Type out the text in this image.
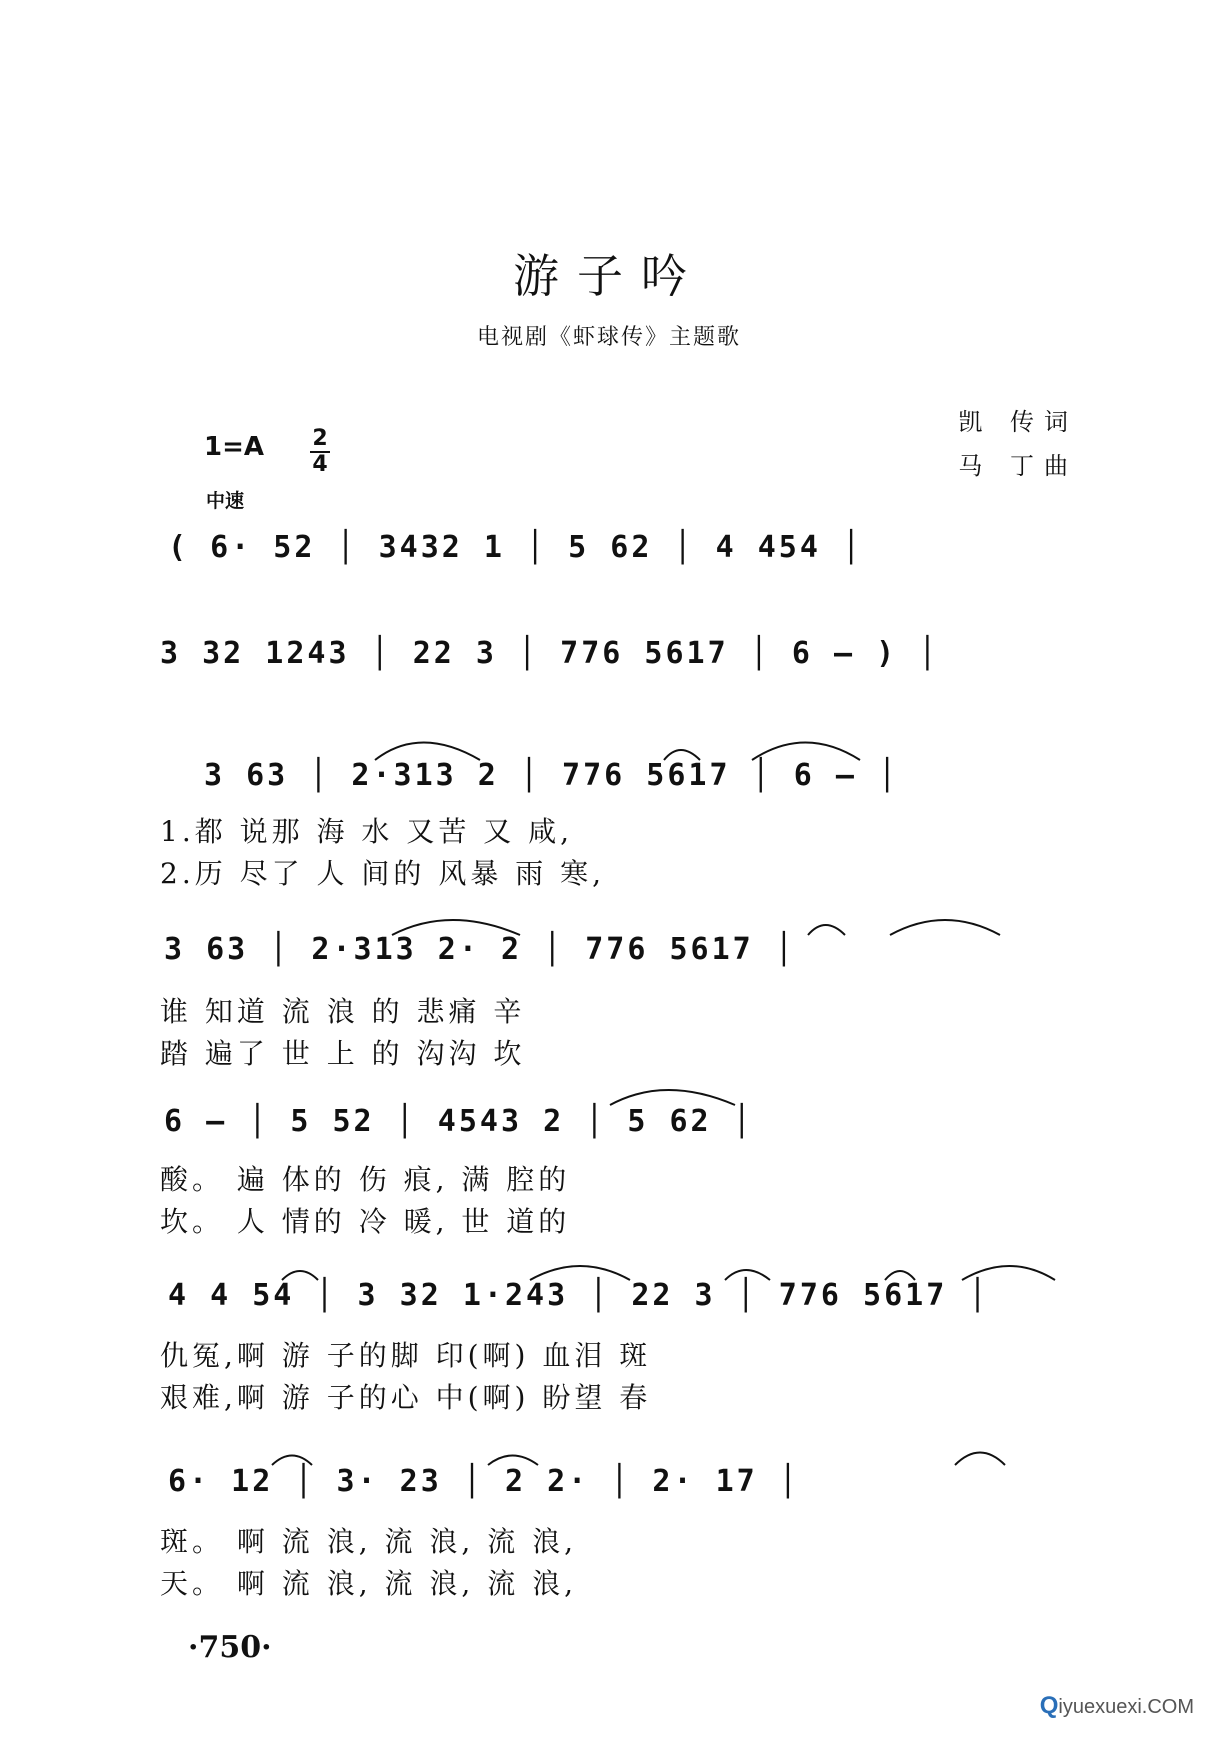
游子吟
电视剧《虾球传》主题歌
凯 传词
马 丁曲
1=A 2
4
中速
( 6· 52 │ 3432 1 │ 5 62 │ 4 454 │
3 32 1243 │ 22 3 │ 776 5617 │ 6 – ) │
3 63 │ 2·313 2 │ 776 5617 │ 6 – │
1.都 说那 海 水 又苦 又 咸,
2.历 尽了 人 间的 风暴 雨 寒,
3 63 │ 2·313 2· 2 │ 776 5617 │
谁 知道 流 浪 的 悲痛 辛
踏 遍了 世 上 的 沟沟 坎
6 – │ 5 52 │ 4543 2 │ 5 62 │
酸。 遍 体的 伤 痕, 满 腔的
坎。 人 情的 冷 暖, 世 道的
4 4 54 │ 3 32 1·243 │ 22 3 │ 776 5617 │
仇冤,啊 游 子的脚 印(啊) 血泪 斑
艰难,啊 游 子的心 中(啊) 盼望 春
6· 12 │ 3· 23 │ 2 2· │ 2· 17 │
斑。 啊 流 浪, 流 浪, 流 浪,
天。 啊 流 浪, 流 浪, 流 浪,
·750·
Qiyuexuexi.COM
